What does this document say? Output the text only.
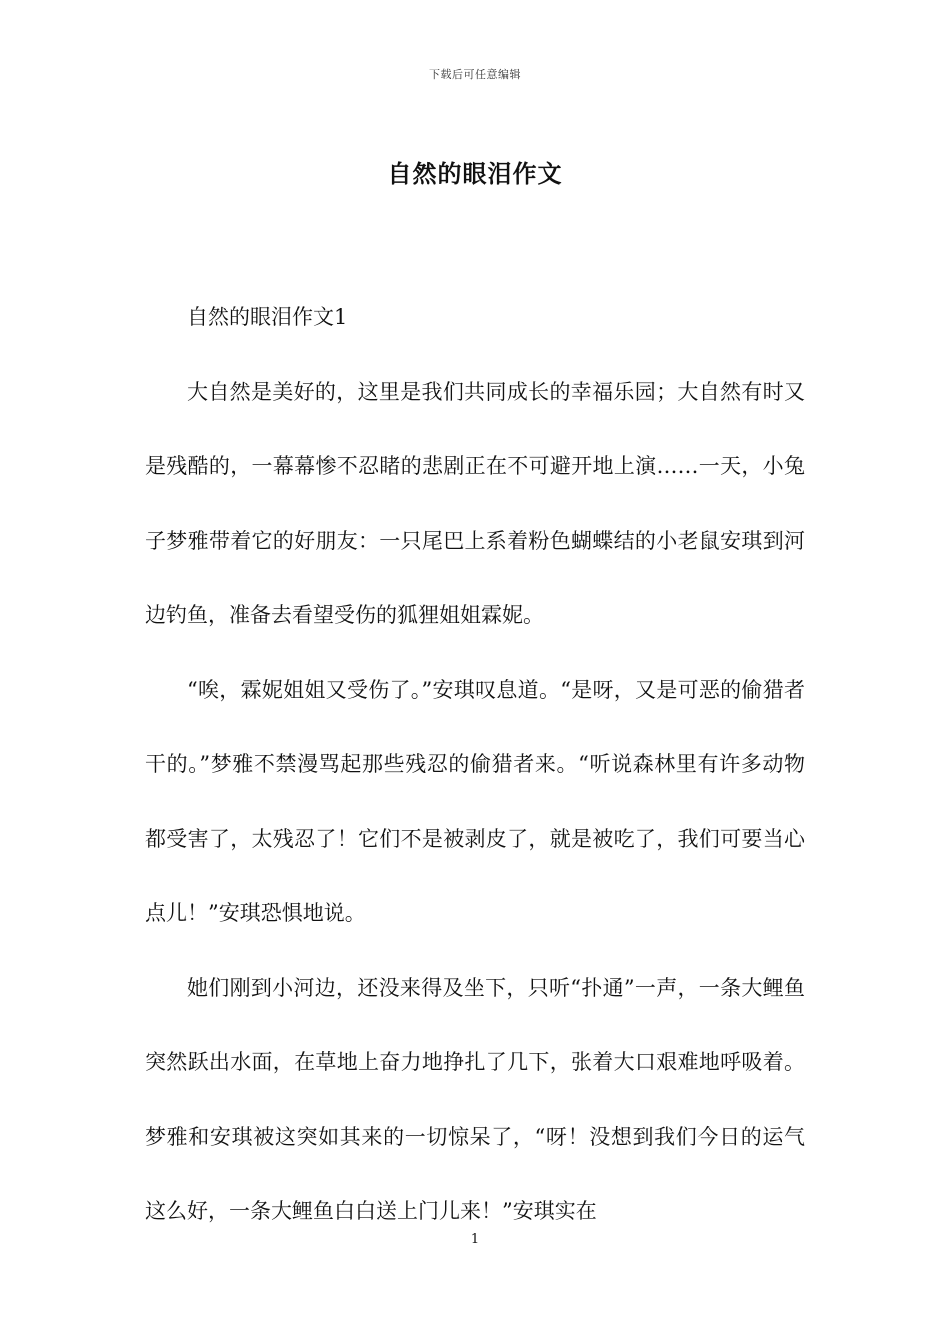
下载后可任意编辑
自然的眼泪作文

自然的眼泪作文1

大自然是美好的，这里是我们共同成长的幸福乐园；大自然有时又是残酷的，一幕幕惨不忍睹的悲剧正在不可避开地上演……一天，小兔子梦雅带着它的好朋友：一只尾巴上系着粉色蝴蝶结的小老鼠安琪到河边钓鱼，准备去看望受伤的狐狸姐姐霖妮。

“唉，霖妮姐姐又受伤了。”安琪叹息道。“是呀，又是可恶的偷猎者干的。”梦雅不禁漫骂起那些残忍的偷猎者来。“听说森林里有许多动物都受害了，太残忍了！它们不是被剥皮了，就是被吃了，我们可要当心点儿！”安琪恐惧地说。

她们刚到小河边，还没来得及坐下，只听“扑通”一声，一条大鲤鱼突然跃出水面，在草地上奋力地挣扎了几下，张着大口艰难地呼吸着。梦雅和安琪被这突如其来的一切惊呆了，“呀！没想到我们今日的运气这么好，一条大鲤鱼白白送上门儿来！”安琪实在

1
